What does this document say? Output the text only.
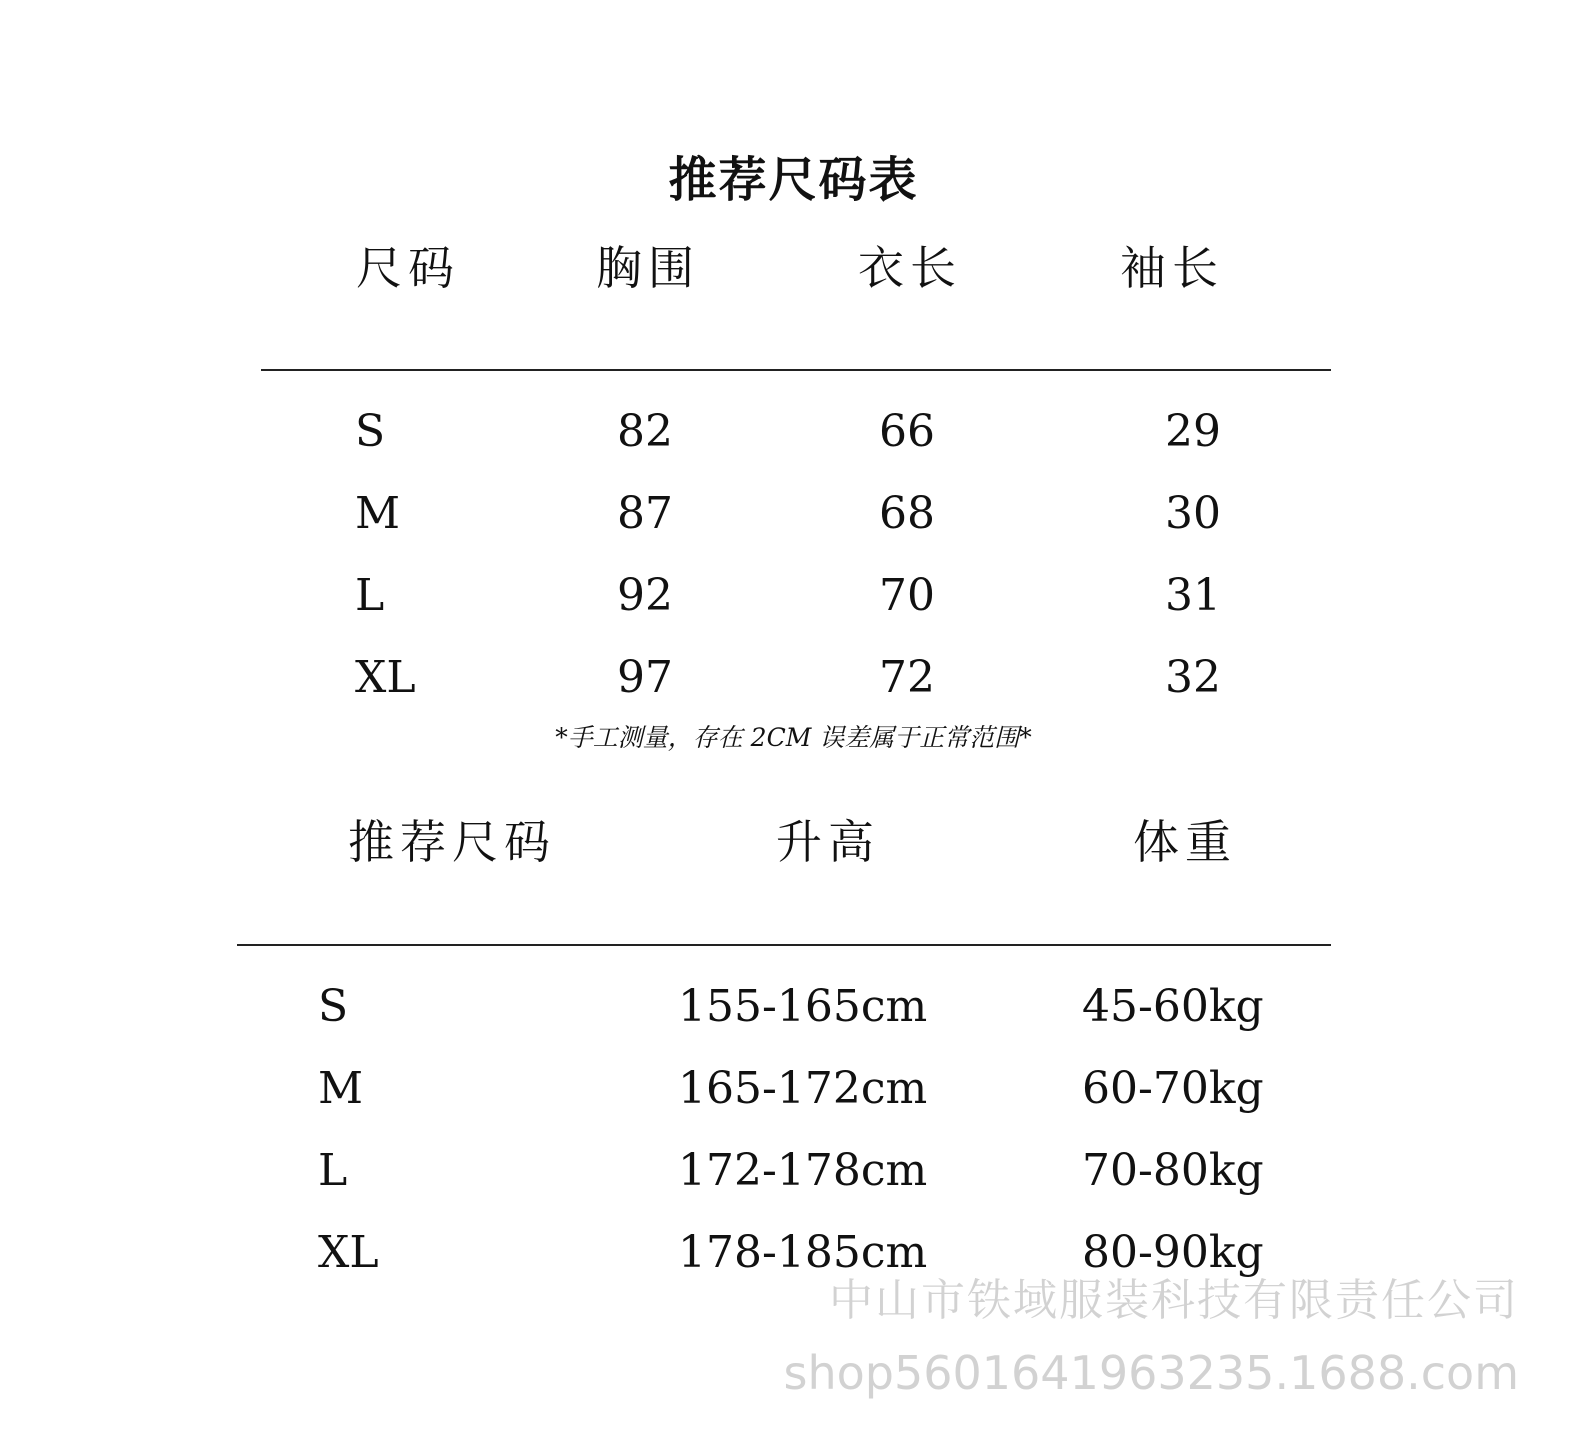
推荐尺码表
尺码	胸围	衣长	袖长
S	82	66	29
M	87	68	30
L	92	70	31
XL	97	72	32
*手工测量，存在 2CM 误差属于正常范围*
推荐尺码	升高	体重
S	155-165cm	45-60kg
M	165-172cm	60-70kg
L	172-178cm	70-80kg
XL	178-185cm	80-90kg
中山市铁域服装科技有限责任公司
shop560164196323​5.1688.com
